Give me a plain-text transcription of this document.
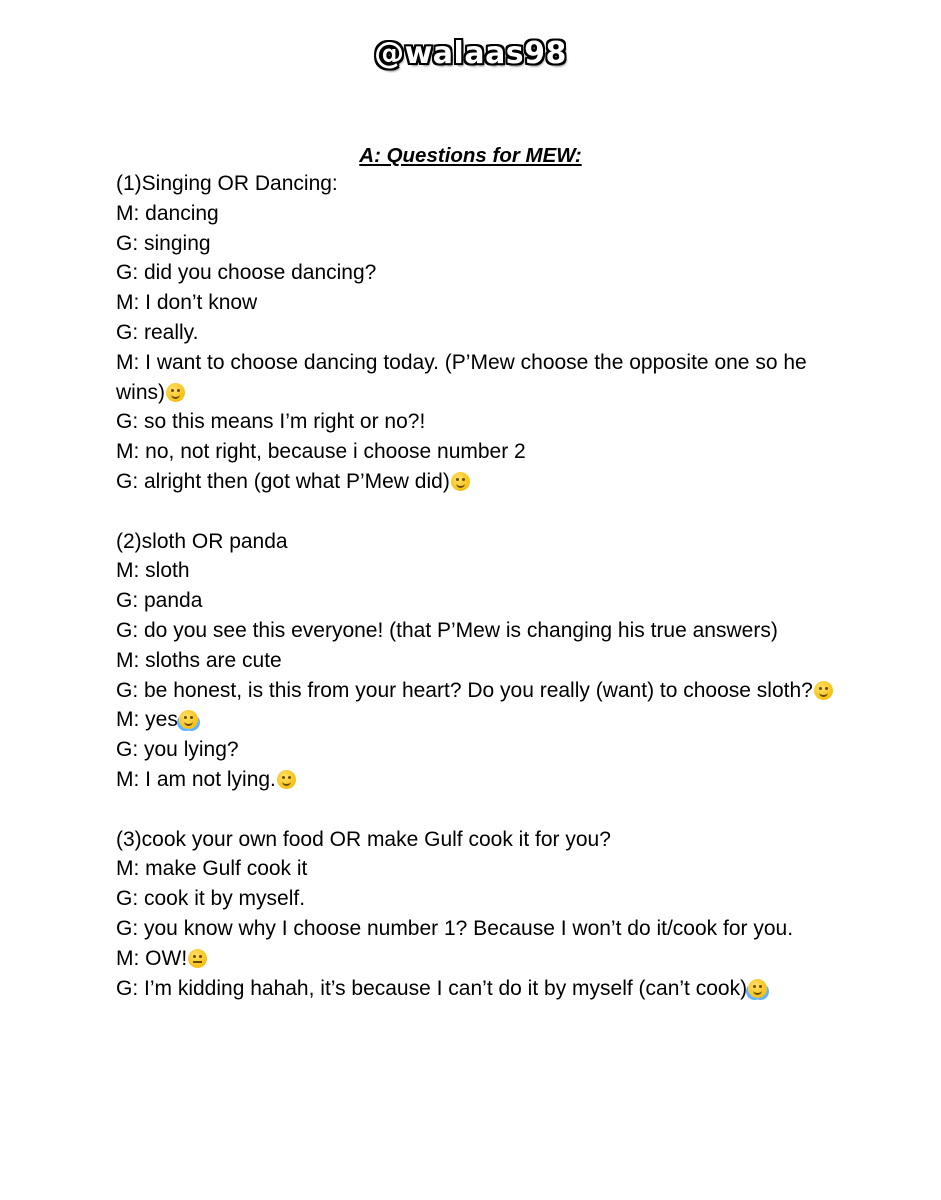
@walaas98
A: Questions for MEW:
(1)Singing OR Dancing:
M: dancing
G: singing
G: did you choose dancing?
M: I don’t know
G: really.
M: I want to choose dancing today. (P’Mew choose the opposite one so he wins)
G: so this means I’m right or no?!
M: no, not right, because i choose number 2
G: alright then (got what P’Mew did)
(2)sloth OR panda
M: sloth
G: panda
G: do you see this everyone! (that P’Mew is changing his true answers)
M: sloths are cute
G: be honest, is this from your heart? Do you really (want) to choose sloth?
M: yes
G: you lying?
M: I am not lying.
(3)cook your own food OR make Gulf cook it for you?
M: make Gulf cook it
G: cook it by myself.
G: you know why I choose number 1? Because I won’t do it/cook for you.
M: OW!
G: I’m kidding hahah, it’s because I can’t do it by myself (can’t cook)
